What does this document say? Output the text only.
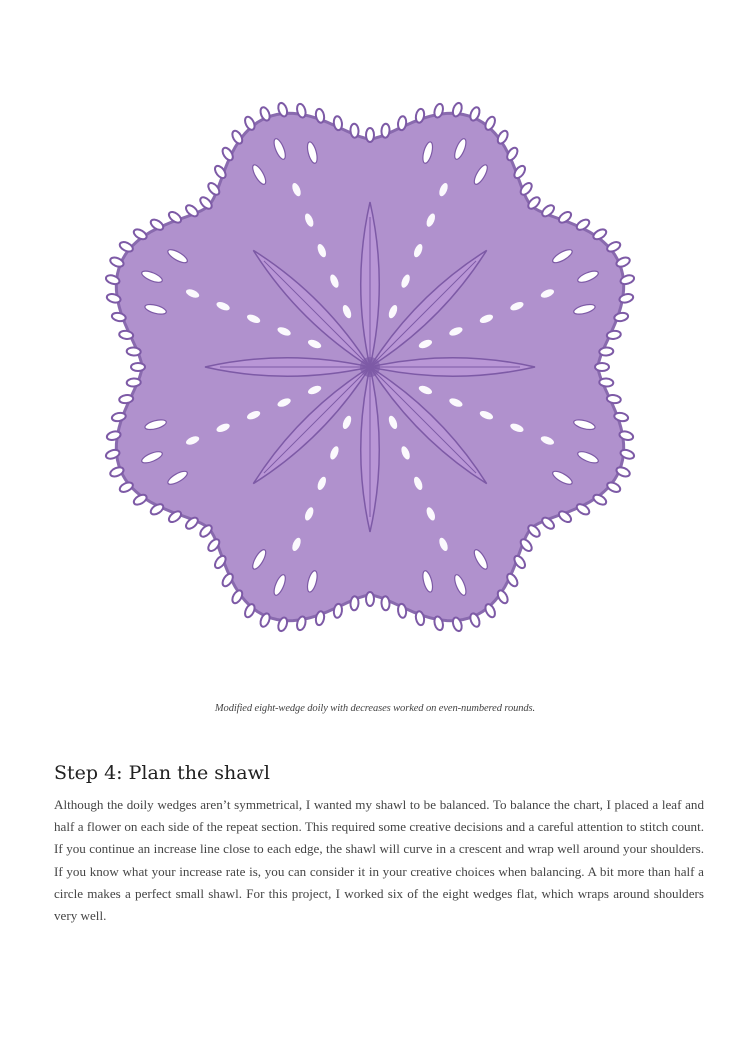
Modified eight-wedge doily with decreases worked on even-numbered rounds.
Step 4: Plan the shawl

Although the doily wedges aren’t symmetrical, I wanted my shawl to be balanced. To balance the chart, I placed a leaf and half a flower on each side of the repeat section. This required some creative decisions and a careful attention to stitch count. If you continue an increase line close to each edge, the shawl will curve in a crescent and wrap well around your shoulders. If you know what your increase rate is, you can consider it in your creative choices when balancing. A bit more than half a circle makes a perfect small shawl. For this project, I worked six of the eight wedges flat, which wraps around shoulders very well.
